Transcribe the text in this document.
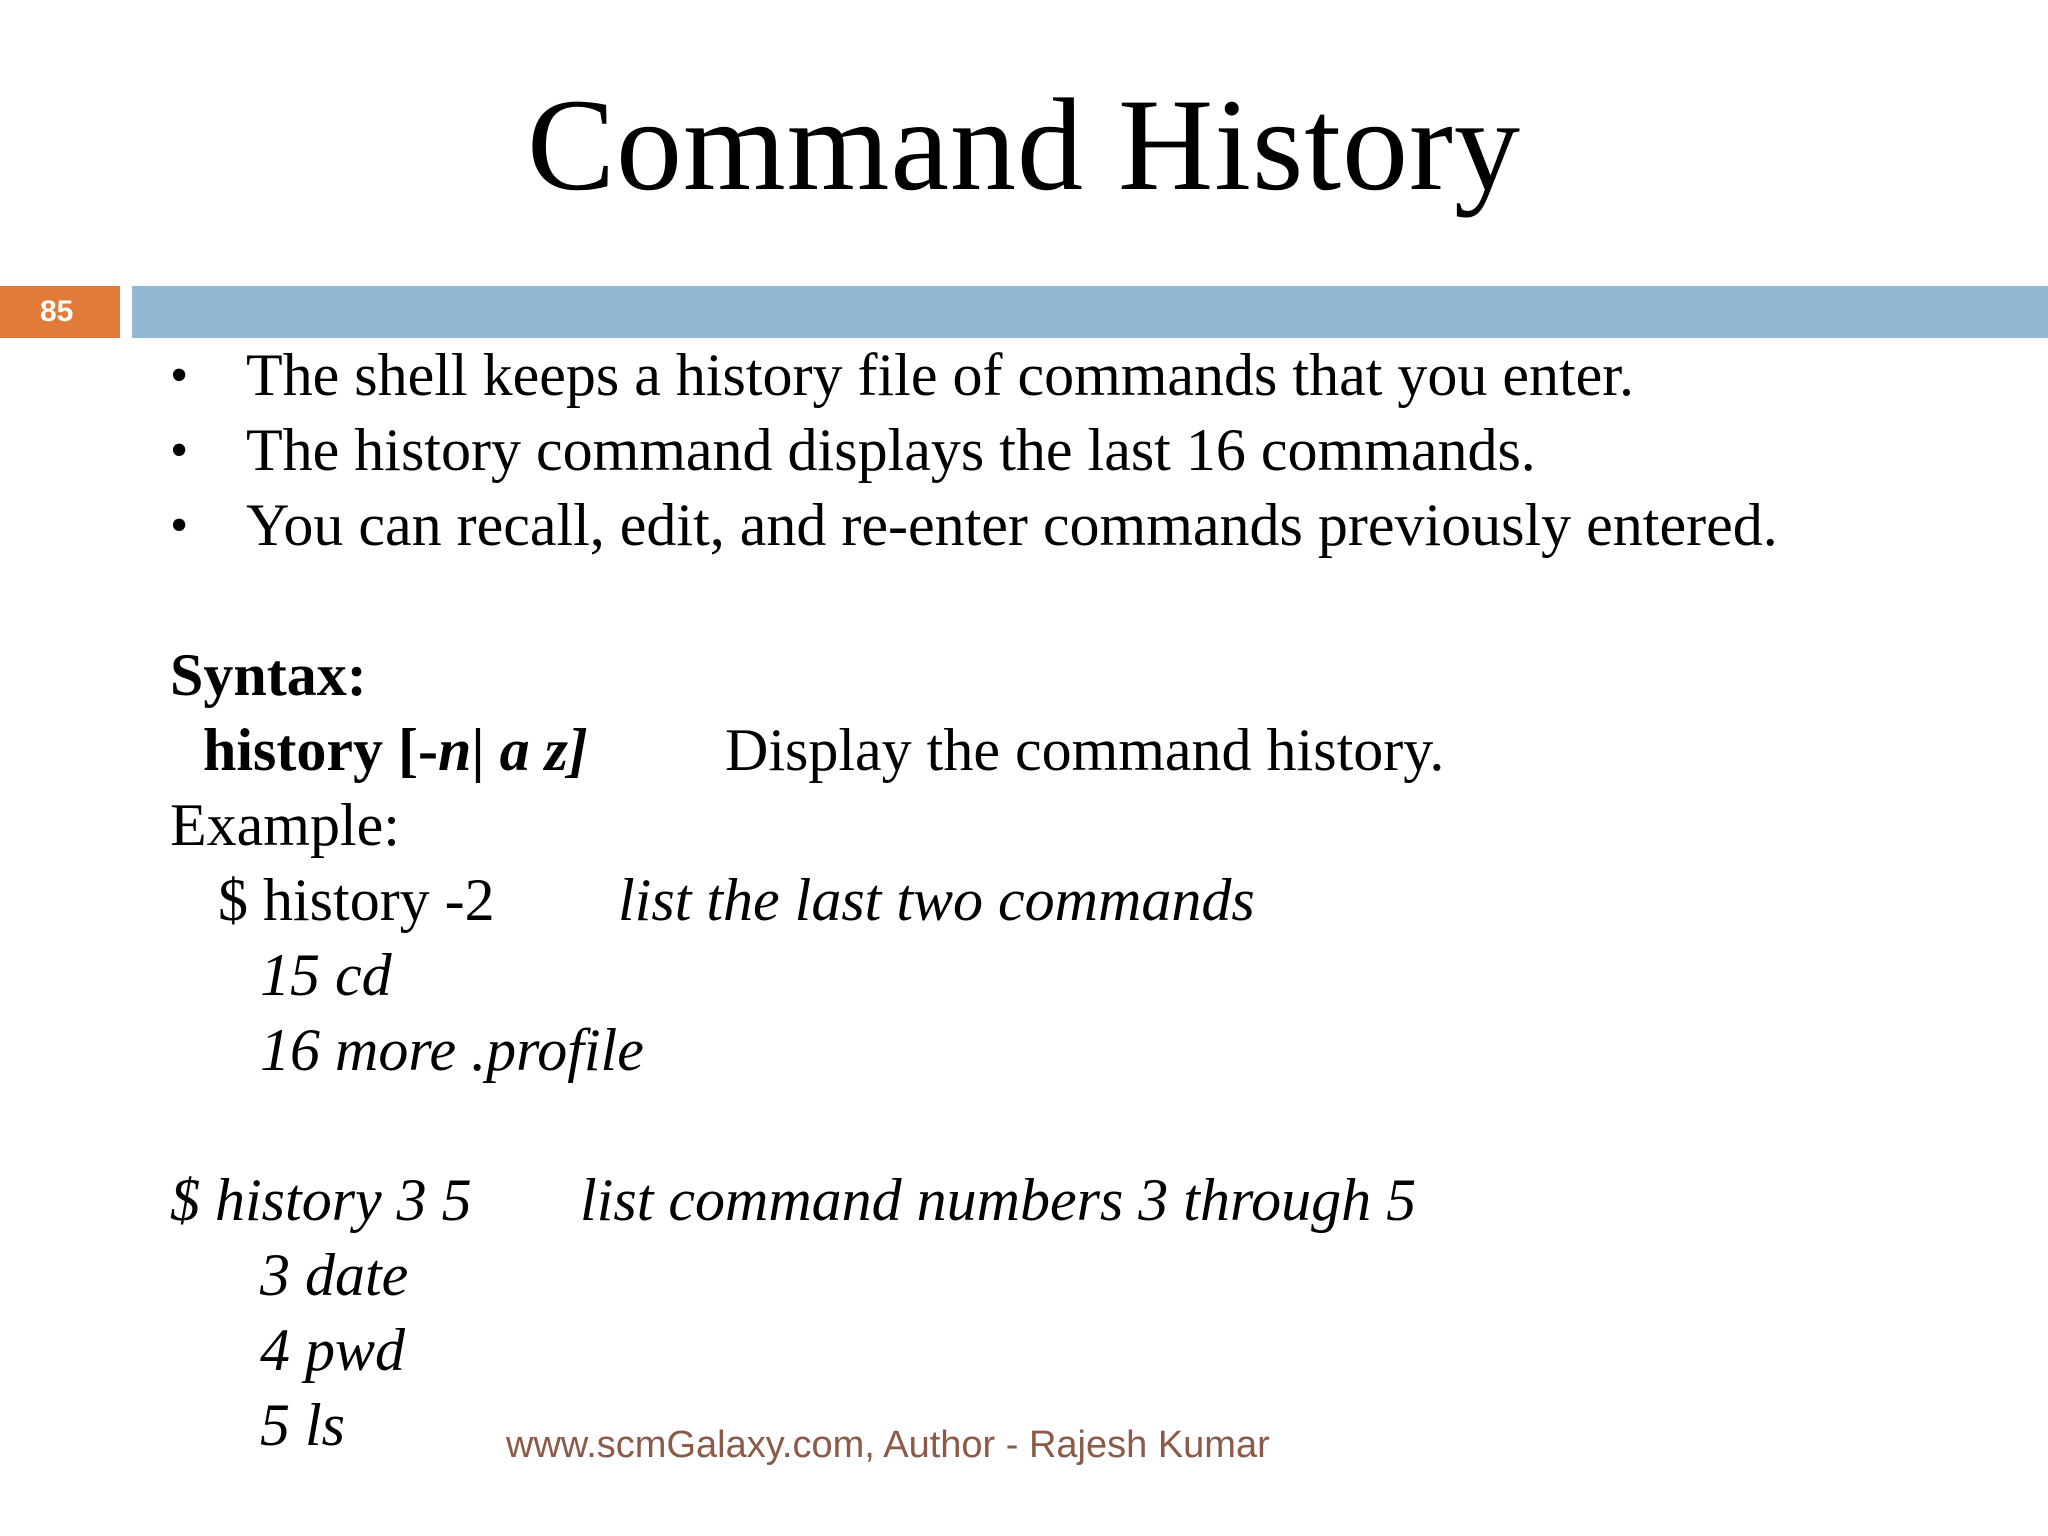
Command History
85
• The shell keeps a history file of commands that you enter.
• The history command displays the last 16 commands.
• You can recall, edit, and re-enter commands previously entered.
Syntax:
history [-n| a z] Display the command history.
Example:
$ history -2 list the last two commands
15 cd
16 more .profile
$ history 3 5 list command numbers 3 through 5
3 date
4 pwd
5 ls	www.scmGalaxy.com, Author - Rajesh Kumar
